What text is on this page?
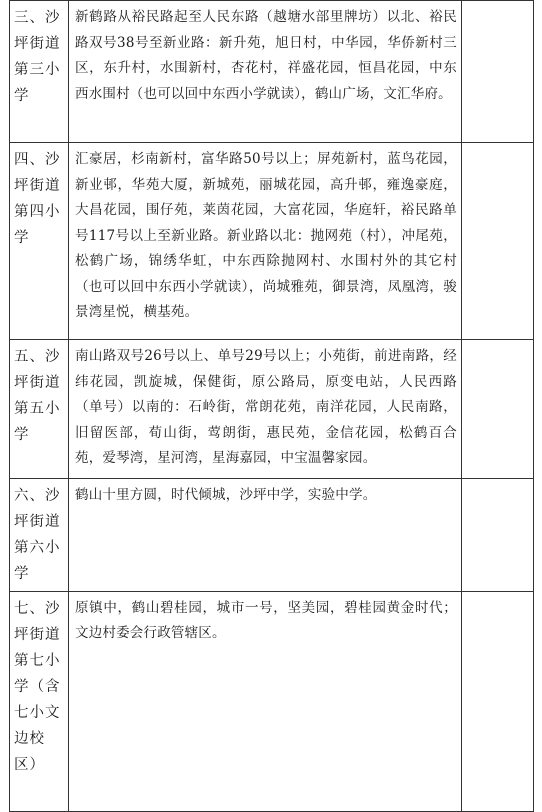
三、沙坪街道第三小学	新鹤路从裕民路起至人民东路（越塘水部里牌坊）以北、裕民路双号38号至新业路：新升苑，旭日村，中华园，华侨新村三区，东升村，水围新村，杏花村，祥盛花园，恒昌花园，中东西水围村（也可以回中东西小学就读），鹤山广场，文汇华府。	
四、沙坪街道第四小学	汇豪居，杉南新村，富华路50号以上；屏苑新村，蓝鸟花园，新业邨，华苑大厦，新城苑，丽城花园，高升邨，雍逸豪庭，大昌花园，围仔苑，莱茵花园，大富花园，华庭轩，裕民路单号117号以上至新业路。新业路以北：抛网苑（村），冲尾苑，松鹤广场，锦绣华虹，中东西除抛网村、水围村外的其它村（也可以回中东西小学就读），尚城雅苑，御景湾，凤凰湾，骏景湾星悦，横基苑。	
五、沙坪街道第五小学	南山路双号26号以上、单号29号以上；小苑街，前进南路，经纬花园，凯旋城，保健街，原公路局，原变电站，人民西路（单号）以南的：石岭街，常朗花苑，南洋花园，人民南路，旧留医部，荀山街，莺朗街，惠民苑，金信花园，松鹤百合苑，爱琴湾，星河湾，星海嘉园，中宝温馨家园。	
六、沙坪街道第六小学	鹤山十里方圆，时代倾城，沙坪中学，实验中学。	
七、沙坪街道第七小学（含七小文边校区）	原镇中，鹤山碧桂园，城市一号，坚美园，碧桂园黄金时代；文边村委会行政管辖区。	
